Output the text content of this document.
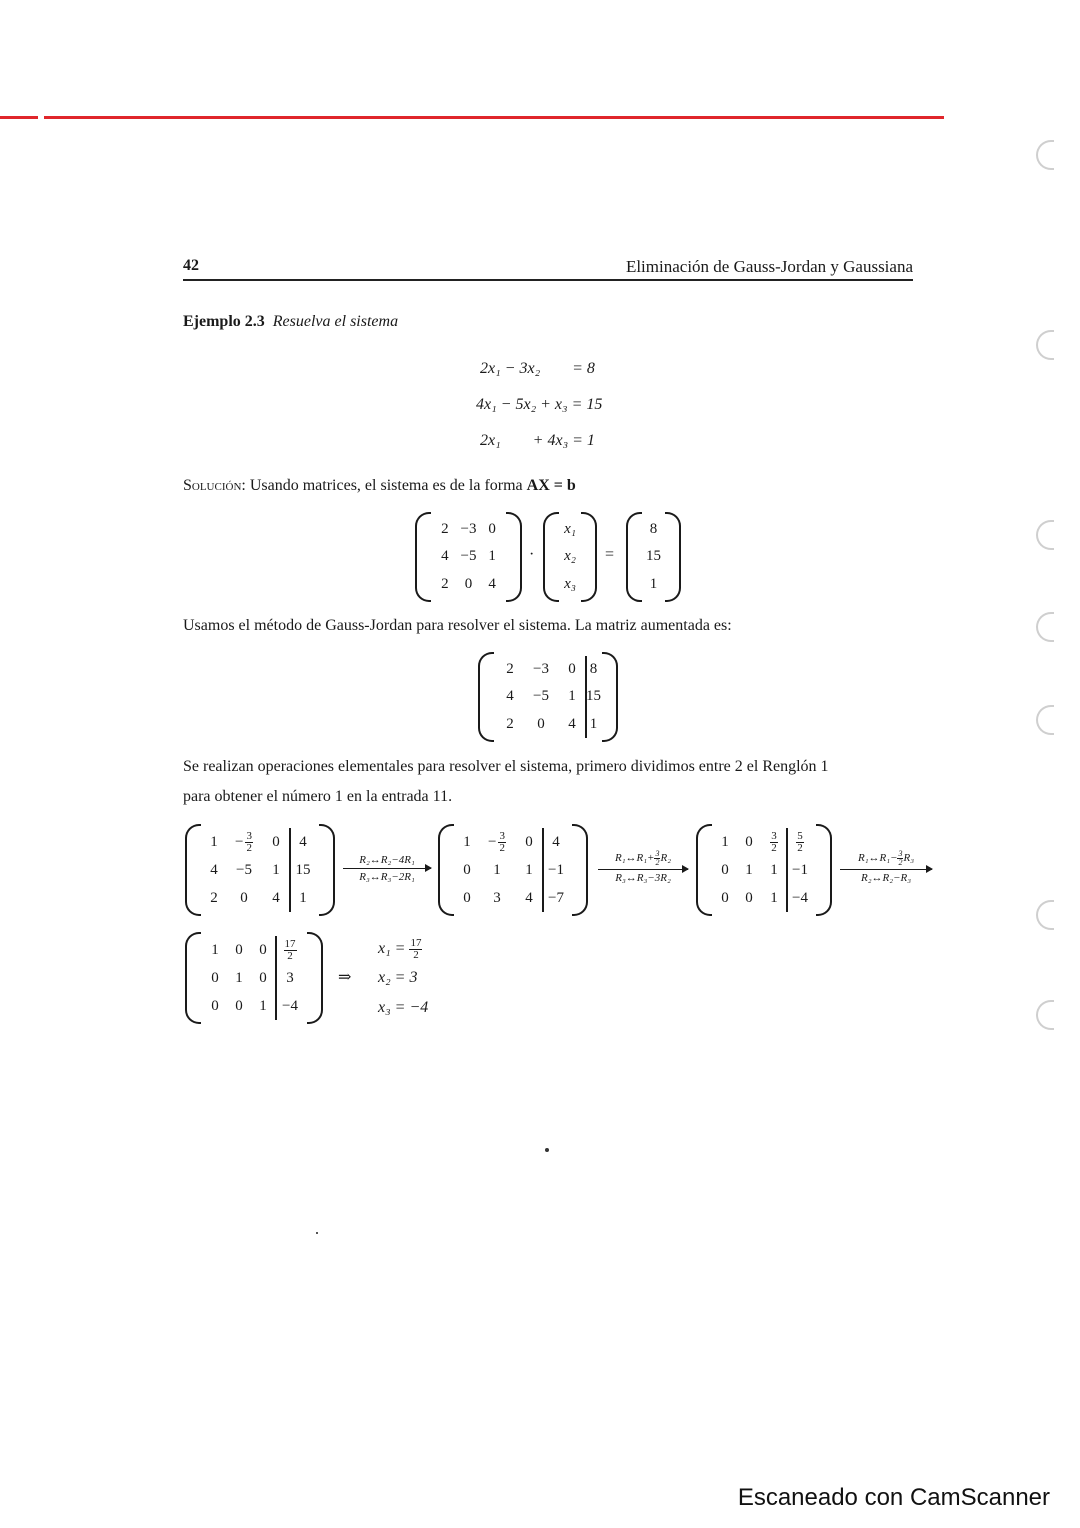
42	Eliminación de Gauss-Jordan y Gaussiana
Ejemplo 2.3 Resuelva el sistema
2x₁ − 3x₂        = 8
4x₁ − 5x₂ + x₃ = 15
2x₁        + 4x₃ = 1
Solución: Usando matrices, el sistema es de la forma AX = b
2 −3 0
4 −5 1
2 0 4
·
x₁
x₂
x₃
=
8
15
1
Usamos el método de Gauss-Jordan para resolver el sistema. La matriz aumentada es:
2 −3 0 8
4 −5 1 15
2 0 4 1
Se realizan operaciones elementales para resolver el sistema, primero dividimos entre 2 el Renglón 1
para obtener el número 1 en la entrada 11.
$1 - \frac{3}{2} 0$ 4
4 −5 1 15
2 0 4 1
R₂↔R₂−4R₁
R₃↔R₃−2R₁
$1 - \frac{3}{2} 0$ 4
0 1 1 −1
0 3 4 −7
R₁↔R₁+ $\frac{3}{2} R_2$
R₃↔R₃−3R₂
1 $0 \frac{3}{2} \frac{5}{2}$
0 1 1 −1
0 0 1 −4
R₁↔R₁− $\frac{3}{2} R_3$
R₂↔R₂−R₃
1 0 $0 \frac{17}{2}$
0 1 0 3
0 0 1 −4
⇒
$x_1 = \frac{17}{2}$
x₂ = 3
x₃ = −4
Escaneado con CamScanner
